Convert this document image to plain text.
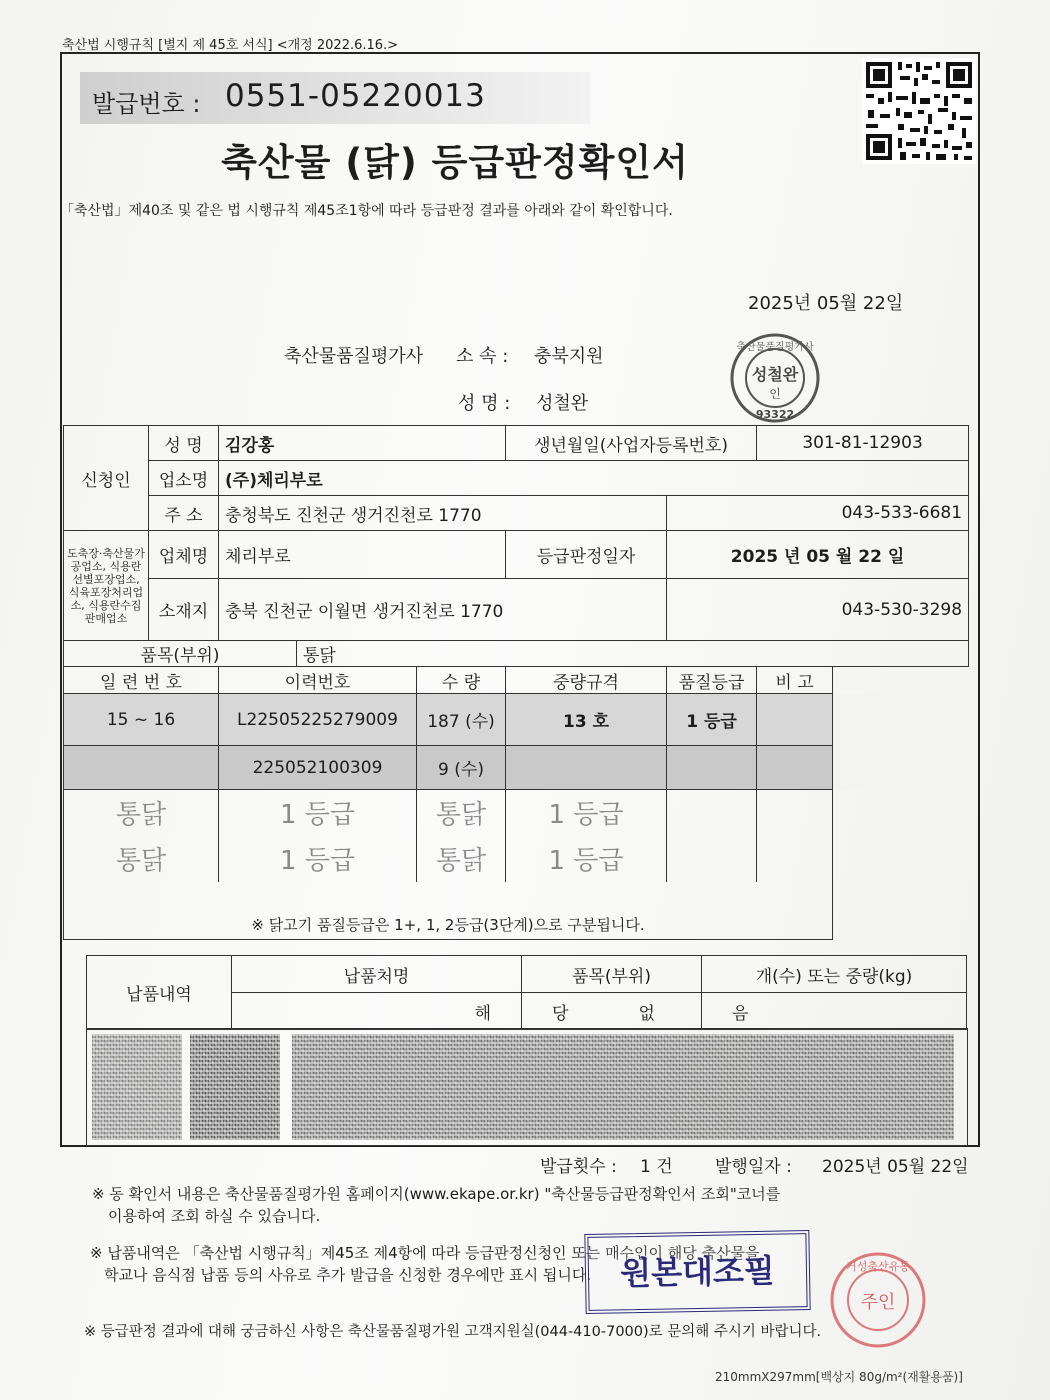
축산법 시행규칙 [별지 제 45호 서식] <개정 2022.6.16.>
발급번호 : 0551-05220013
축산물 (닭) 등급판정확인서
「축산법」제40조 및 같은 법 시행규칙 제45조1항에 따라 등급판정 결과를 아래와 같이 확인합니다.
2025년 05월 22일
축산물품질평가사 소 속 : 충북지원
성 명 : 성철완
축산물품질평가사
성철완
인
93322
신청인	성 명	김강홍			생년월일(사업자등록번호)		301-81-12903	
	업소명	(주)체리부로						
	주 소	충청북도 진천군 생거진천로 1770				043-533-6681		
도축장·축산물가공업소, 식용란선별포장업소, 식육포장처리업소, 식용란수집판매업소	업체명	체리부로			등급판정일자	2025 년 05 월 22 일		
	소재지	충북 진천군 이월면 생거진천로 1770				043-530-3298		
품목(부위)			통닭					
일 련 번 호		이력번호		수 량	중량규격	품질등급	비 고	
15 ~ 16		L22505225279009		187 (수)	13 호	1 등급		
		225052100309		9 (수)				
통닭		1 등급		통닭	1 등급			
통닭		1 등급		통닭	1 등급			
※ 닭고기 품질등급은 1+, 1, 2등급(3단계)으로 구분됩니다.								
납품내역	납품처명		품목(부위)	개(수) 또는 중량(kg)
		해	당 없	음
발급횟수 : 1 건 발행일자 : 2025년 05월 22일
※ 동 확인서 내용은 축산물품질평가원 홈페이지(www.ekape.or.kr) "축산물등급판정확인서 조회"코너를
이용하여 조회 하실 수 있습니다.
※ 납품내역은 「축산법 시행규칙」제45조 제4항에 따라 등급판정신청인 또는 매수인이 해당 축산물을
학교나 음식점 납품 등의 사유로 추가 발급을 신청한 경우에만 표시 됩니다.
※ 등급판정 결과에 대해 궁금하신 사항은 축산물품질평가원 고객지원실(044-410-7000)로 문의해 주시기 바랍니다.
원본대조필	거성축산유통
주인
210mmX297mm[백상지 80g/m²(재활용품)]
